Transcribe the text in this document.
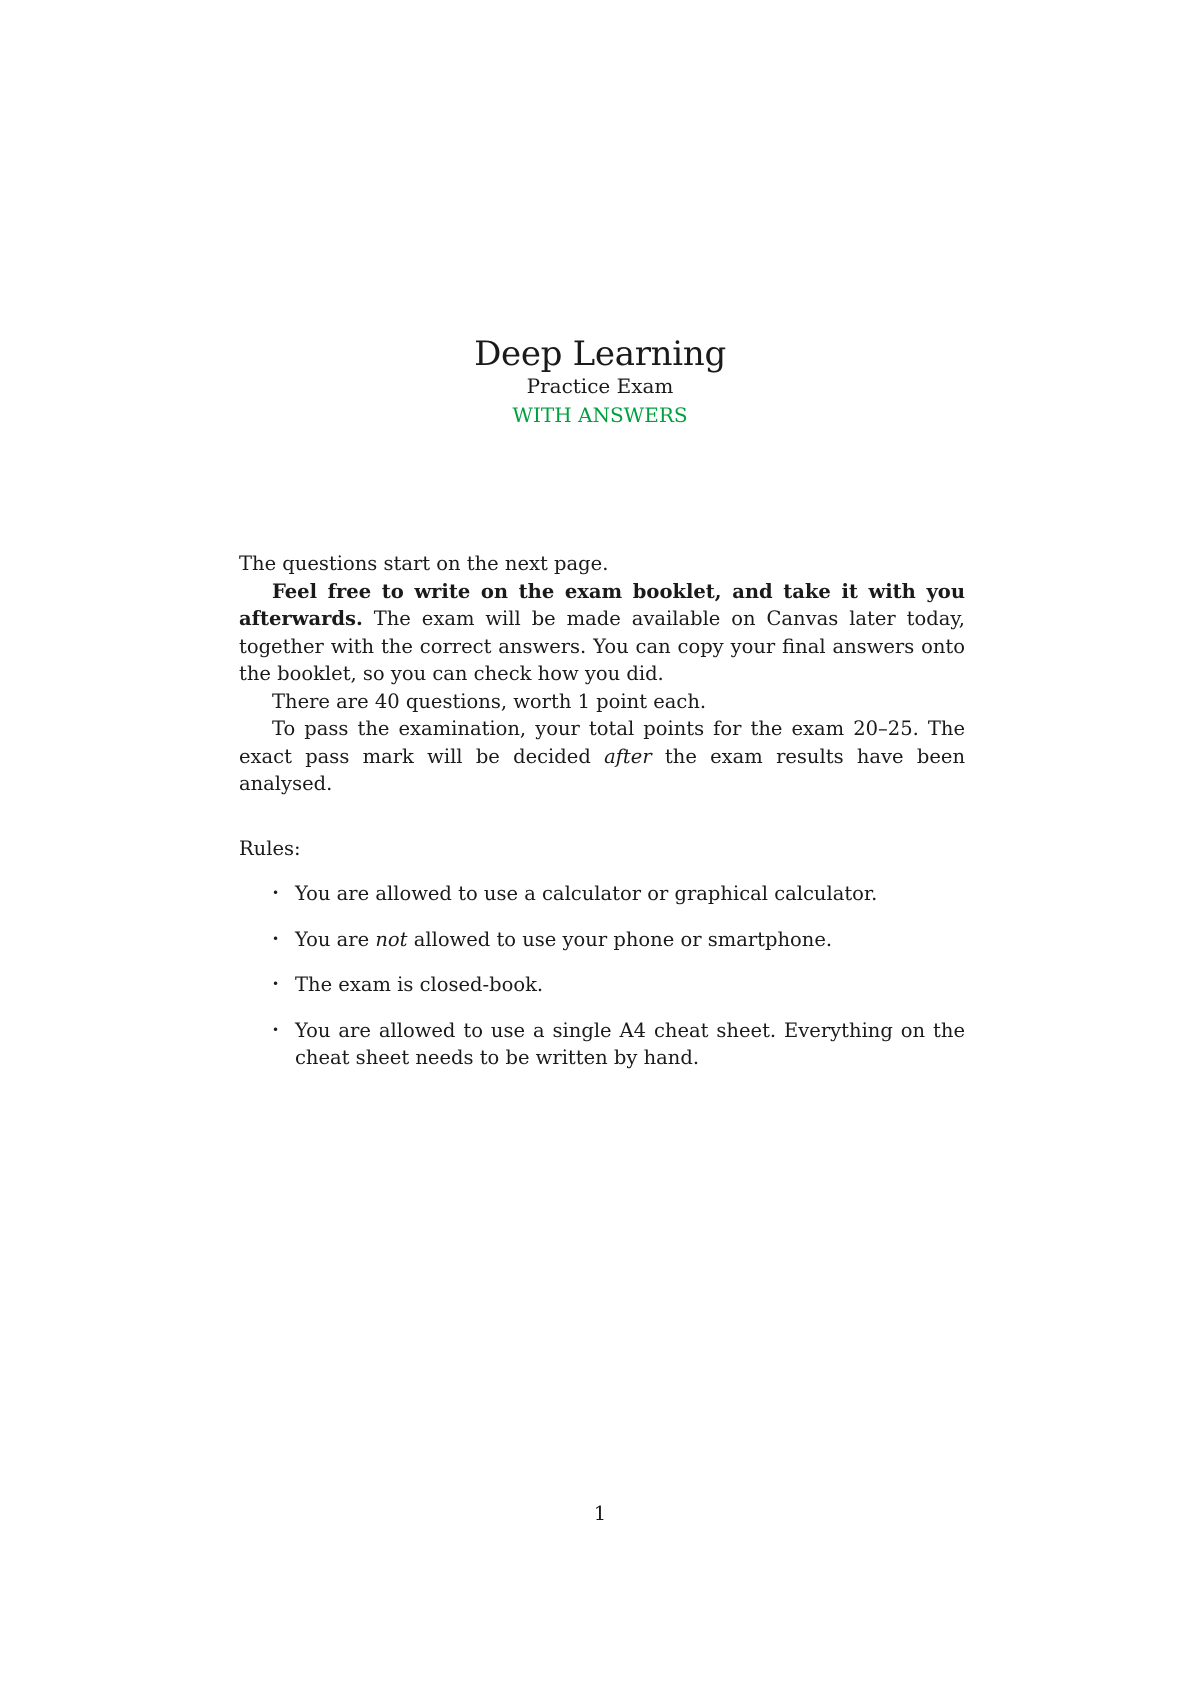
Deep Learning
Practice Exam
WITH ANSWERS

The questions start on the next page.

Feel free to write on the exam booklet, and take it with you afterwards. The exam will be made available on Canvas later today, together with the correct answers. You can copy your final answers onto the booklet, so you can check how you did.

There are 40 questions, worth 1 point each.

To pass the examination, your total points for the exam 20–25. The exact pass mark will be decided after the exam results have been analysed.

Rules:
• You are allowed to use a calculator or graphical calculator.
• You are not allowed to use your phone or smartphone.
• The exam is closed-book.
• You are allowed to use a single A4 cheat sheet. Everything on the cheat sheet needs to be written by hand.
1
